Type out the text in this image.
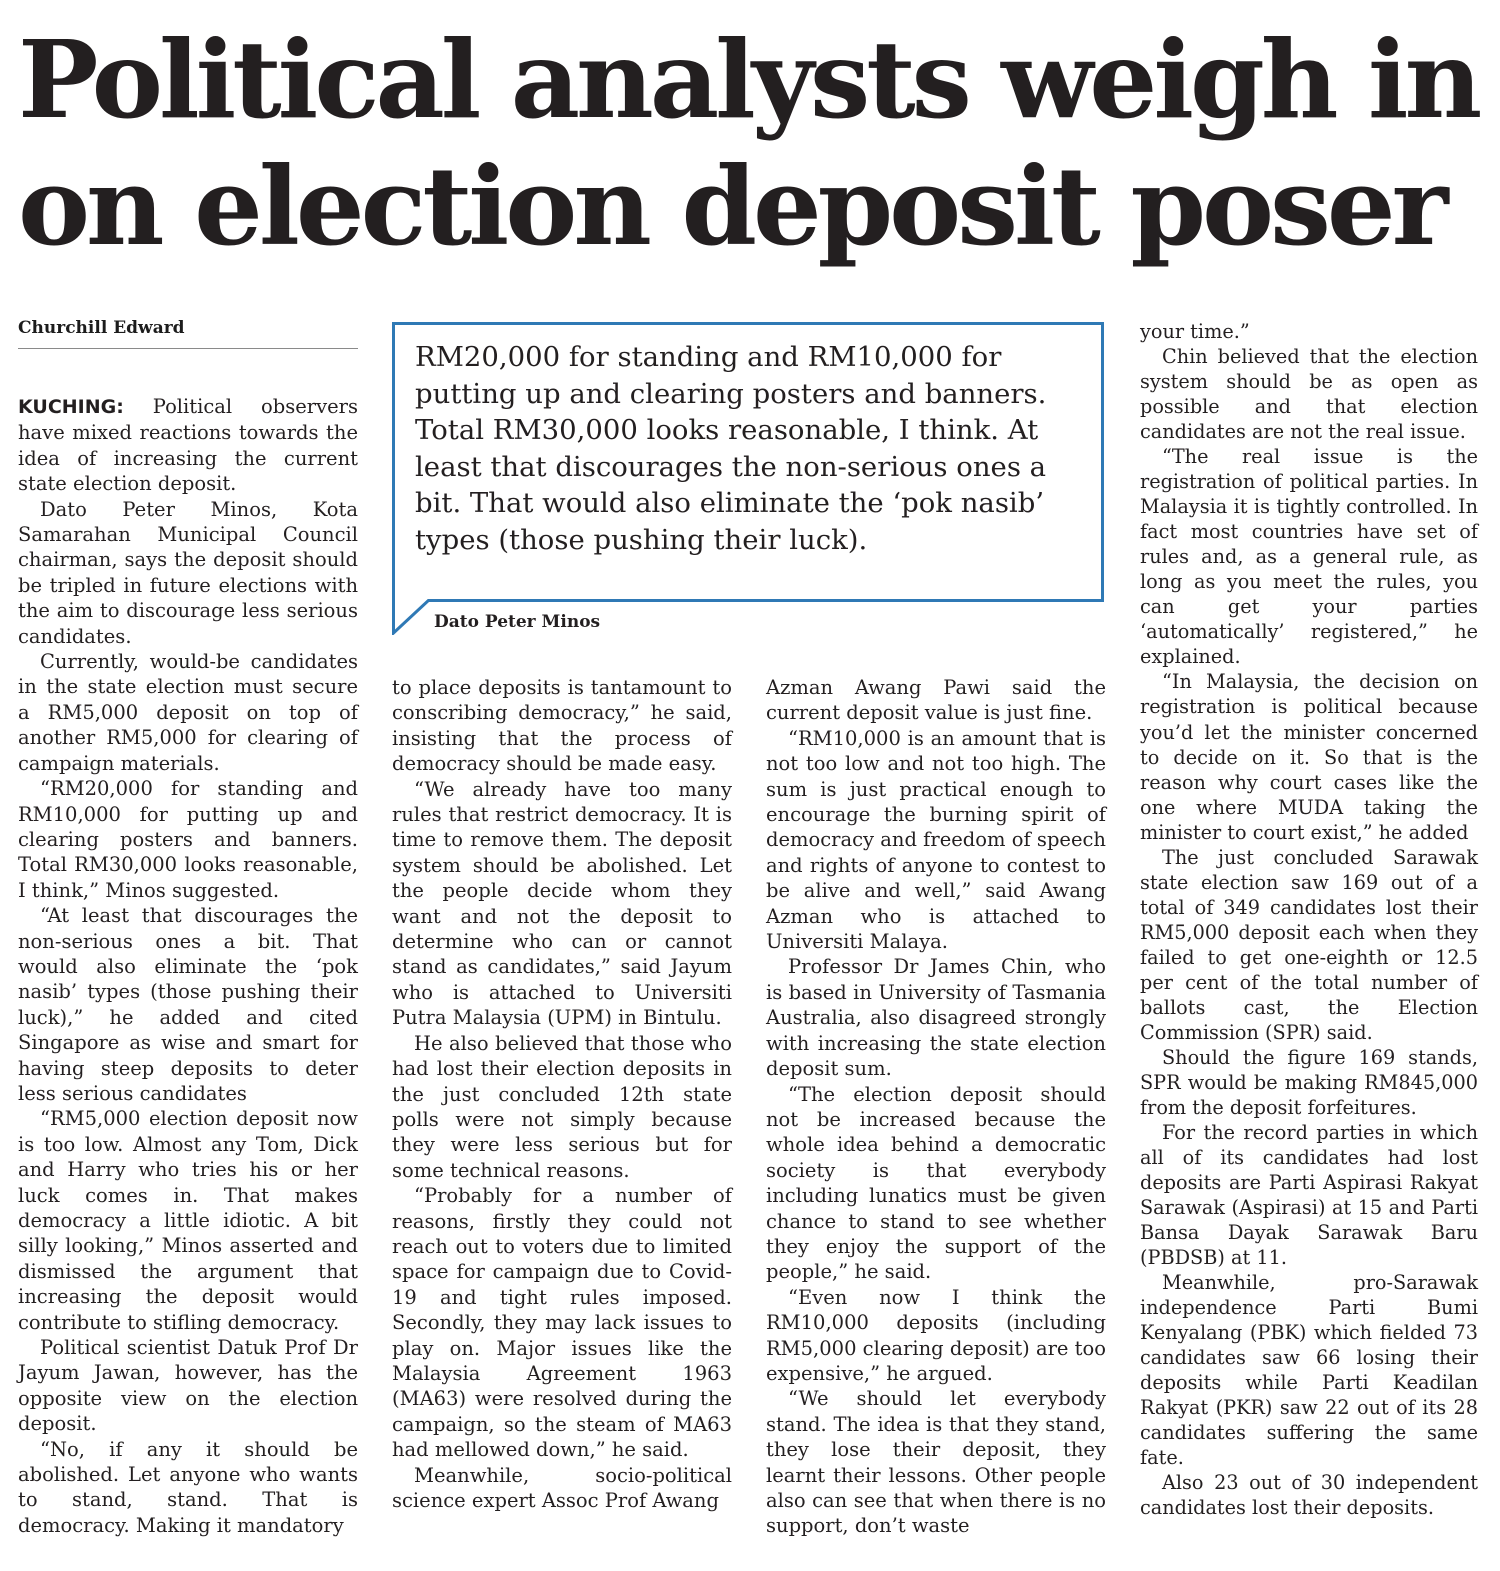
Political analysts weigh in
on election deposit poser
Churchill Edward

KUCHING: Political observers have mixed reactions towards the idea of increasing the current state election deposit.

Dato Peter Minos, Kota Samarahan Municipal Council chairman, says the deposit should be tripled in future elections with the aim to discourage less serious candidates.

Currently, would-be candidates in the state election must secure a RM5,000 deposit on top of another RM5,000 for clearing of campaign materials.

“RM20,000 for standing and RM10,000 for putting up and clearing posters and banners. Total RM30,000 looks reasonable, I think,” Minos suggested.

“At least that discourages the non-serious ones a bit. That would also eliminate the ‘pok nasib’ types (those pushing their luck),” he added and cited Singapore as wise and smart for having steep deposits to deter less serious candidates

“RM5,000 election deposit now is too low. Almost any Tom, Dick and Harry who tries his or her luck comes in. That makes democracy a little idiotic. A bit silly looking,” Minos asserted and dismissed the argument that increasing the deposit would contribute to stifling democracy.

Political scientist Datuk Prof Dr Jayum Jawan, however, has the opposite view on the election deposit.

“No, if any it should be abolished. Let anyone who wants to stand, stand. That is democracy. Making it mandatory

RM20,000 for standing and RM10,000 for putting up and clearing posters and banners. Total RM30,000 looks reasonable, I think. At least that discourages the non-serious ones a bit. That would also eliminate the ‘pok nasib’ types (those pushing their luck).
Dato Peter Minos

to place deposits is tantamount to conscribing democracy,” he said, insisting that the process of democracy should be made easy.

“We already have too many rules that restrict democracy. It is time to remove them. The deposit system should be abolished. Let the people decide whom they want and not the deposit to determine who can or cannot stand as candidates,” said Jayum who is attached to Universiti Putra Malaysia (UPM) in Bintulu.

He also believed that those who had lost their election deposits in the just concluded 12th state polls were not simply because they were less serious but for some technical reasons.

“Probably for a number of reasons, firstly they could not reach out to voters due to limited space for campaign due to Covid-19 and tight rules imposed. Secondly, they may lack issues to play on. Major issues like the Malaysia Agreement 1963 (MA63) were resolved during the campaign, so the steam of MA63 had mellowed down,” he said.

Meanwhile, socio-political science expert Assoc Prof Awang

Azman Awang Pawi said the current deposit value is just fine.

“RM10,000 is an amount that is not too low and not too high. The sum is just practical enough to encourage the burning spirit of democracy and freedom of speech and rights of anyone to contest to be alive and well,” said Awang Azman who is attached to Universiti Malaya.

Professor Dr James Chin, who is based in University of Tasmania Australia, also disagreed strongly with increasing the state election deposit sum.

“The election deposit should not be increased because the whole idea behind a democratic society is that everybody including lunatics must be given chance to stand to see whether they enjoy the support of the people,” he said.

“Even now I think the RM10,000 deposits (including RM5,000 clearing deposit) are too expensive,” he argued.

“We should let everybody stand. The idea is that they stand, they lose their deposit, they learnt their lessons. Other people also can see that when there is no support, don’t waste

your time.”

Chin believed that the election system should be as open as possible and that election candidates are not the real issue.

“The real issue is the registration of political parties. In Malaysia it is tightly controlled. In fact most countries have set of rules and, as a general rule, as long as you meet the rules, you can get your parties ‘automatically’ registered,” he explained.

“In Malaysia, the decision on registration is political because you’d let the minister concerned to decide on it. So that is the reason why court cases like the one where MUDA taking the minister to court exist,” he added

The just concluded Sarawak state election saw 169 out of a total of 349 candidates lost their RM5,000 deposit each when they failed to get one-eighth or 12.5 per cent of the total number of ballots cast, the Election Commission (SPR) said.

Should the figure 169 stands, SPR would be making RM845,000 from the deposit forfeitures.

For the record parties in which all of its candidates had lost deposits are Parti Aspirasi Rakyat Sarawak (Aspirasi) at 15 and Parti Bansa Dayak Sarawak Baru (PBDSB) at 11.

Meanwhile, pro-Sarawak independence Parti Bumi Kenyalang (PBK) which fielded 73 candidates saw 66 losing their deposits while Parti Keadilan Rakyat (PKR) saw 22 out of its 28 candidates suffering the same fate.

Also 23 out of 30 independent candidates lost their deposits.
